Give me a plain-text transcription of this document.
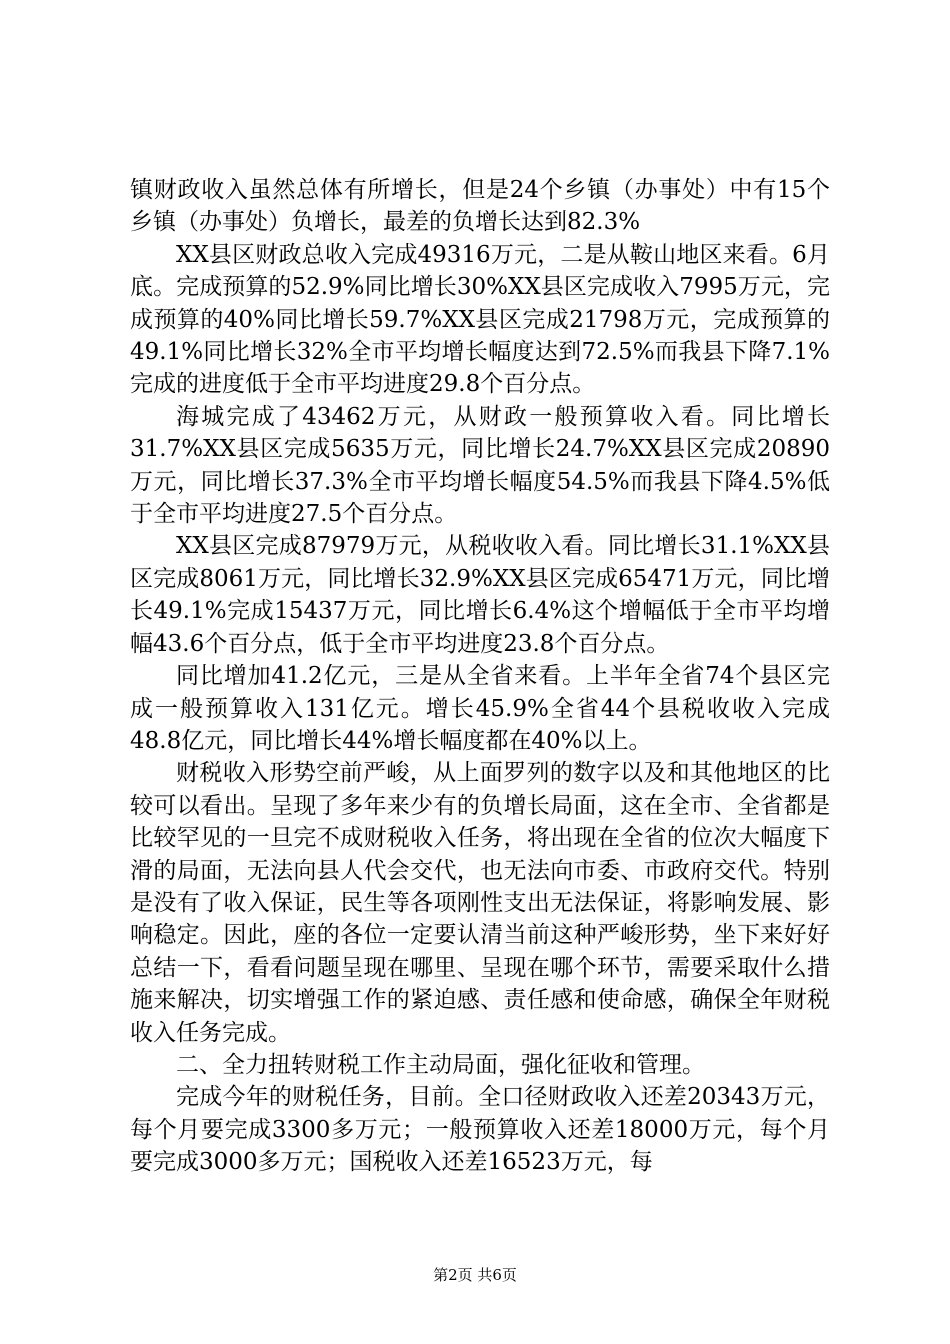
镇财政收入虽然总体有所增长，但是24个乡镇（办事处）中有15个乡镇（办事处）负增长，最差的负增长达到82.3%

XX县区财政总收入完成49316万元，二是从鞍山地区来看。6月底。完成预算的52.9%同比增长30%XX县区完成收入7995万元，完成预算的40%同比增长59.7%XX县区完成21798万元，完成预算的49.1%同比增长32%全市平均增长幅度达到72.5%而我县下降7.1%完成的进度低于全市平均进度29.8个百分点。

海城完成了43462万元，从财政一般预算收入看。同比增长31.7%XX县区完成5635万元，同比增长24.7%XX县区完成20890万元，同比增长37.3%全市平均增长幅度54.5%而我县下降4.5%低于全市平均进度27.5个百分点。

XX县区完成87979万元，从税收收入看。同比增长31.1%XX县区完成8061万元，同比增长32.9%XX县区完成65471万元，同比增长49.1%完成15437万元，同比增长6.4%这个增幅低于全市平均增幅43.6个百分点，低于全市平均进度23.8个百分点。

同比增加41.2亿元，三是从全省来看。上半年全省74个县区完成一般预算收入131亿元。增长45.9%全省44个县税收收入完成48.8亿元，同比增长44%增长幅度都在40%以上。

财税收入形势空前严峻，从上面罗列的数字以及和其他地区的比较可以看出。呈现了多年来少有的负增长局面，这在全市、全省都是比较罕见的一旦完不成财税收入任务，将出现在全省的位次大幅度下滑的局面，无法向县人代会交代，也无法向市委、市政府交代。特别是没有了收入保证，民生等各项刚性支出无法保证，将影响发展、影响稳定。因此，座的各位一定要认清当前这种严峻形势，坐下来好好总结一下，看看问题呈现在哪里、呈现在哪个环节，需要采取什么措施来解决，切实增强工作的紧迫感、责任感和使命感，确保全年财税收入任务完成。

二、全力扭转财税工作主动局面，强化征收和管理。

完成今年的财税任务，目前。全口径财政收入还差20343万元，每个月要完成3300多万元；一般预算收入还差18000万元，每个月要完成3000多万元；国税收入还差16523万元，每

第2页 共6页
